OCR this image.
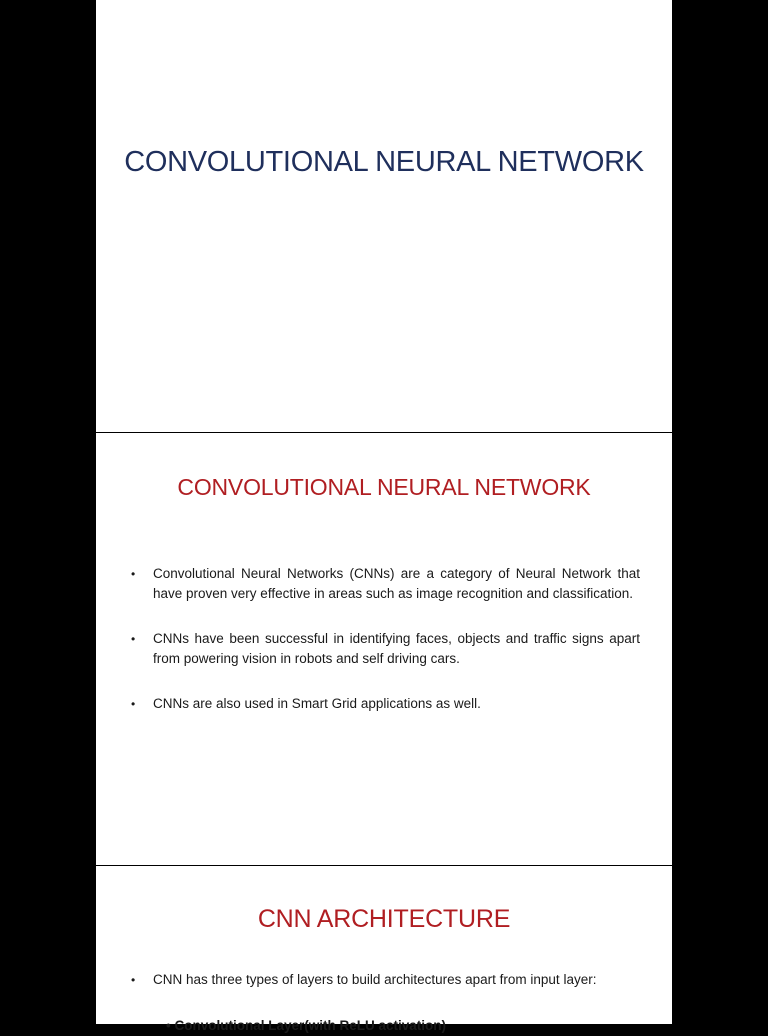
CONVOLUTIONAL NEURAL NETWORK
CONVOLUTIONAL NEURAL NETWORK
• Convolutional Neural Networks (CNNs) are a category of Neural Network that have proven very effective in areas such as image recognition and classification.
• CNNs have been successful in identifying faces, objects and traffic signs apart from powering vision in robots and self driving cars.
• CNNs are also used in Smart Grid applications as well.
CNN ARCHITECTURE
• CNN has three types of layers to build architectures apart from input layer:
• Convolutional Layer(with ReLU activation)
